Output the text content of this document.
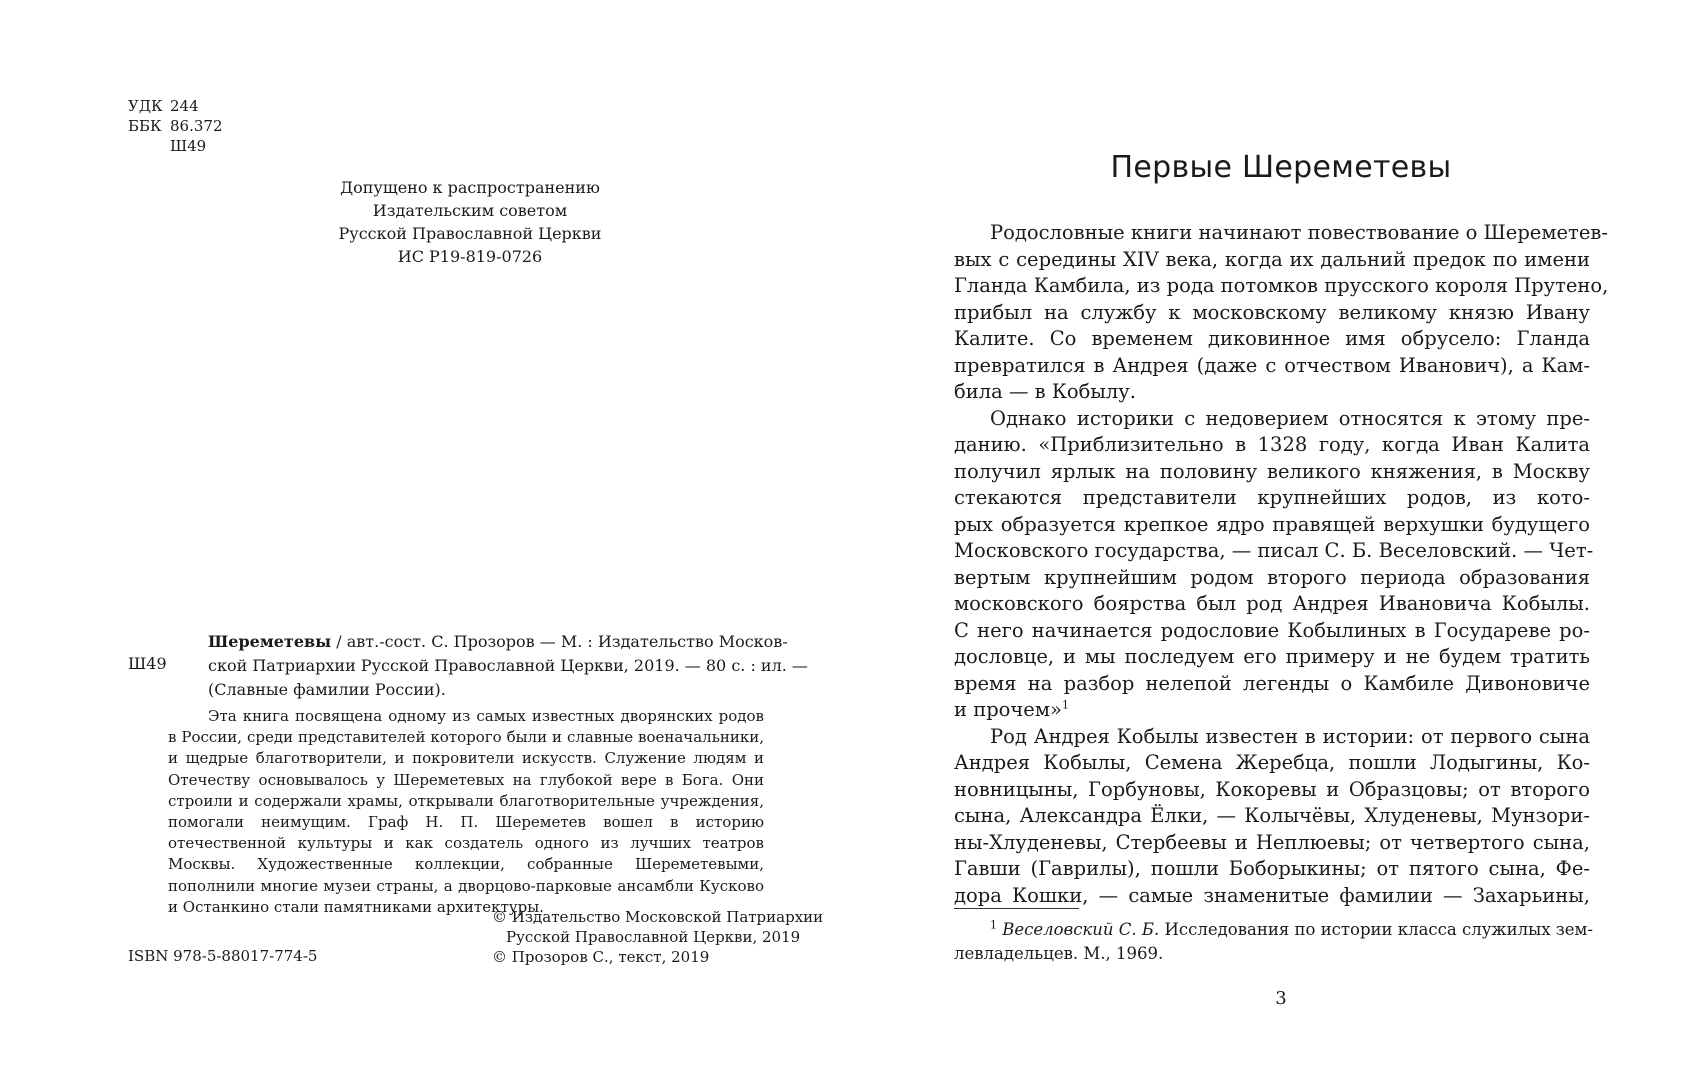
УДК 244
ББК 86.372
Ш49
Допущено к распространению
Издательским советом
Русской Православной Церкви
ИС Р19-819-0726
Ш49
Шереметевы / авт.-сост. С. Прозоров — М. : Издательство Москов-
ской Патриархии Русской Православной Церкви, 2019. — 80 с. : ил. —
(Славные фамилии России).

Эта книга посвящена одному из самых известных дворянских родов в России, среди представителей которого были и славные военачальники, и щедрые благотворители, и покровители искусств. Служение людям и Отечеству основывалось у Шереметевых на глубокой вере в Бога. Они строили и содержали храмы, открывали благотворительные учреждения, помогали неимущим. Граф Н. П. Шереметев вошел в историю отечественной культуры и как создатель одного из лучших театров Москвы. Художественные коллекции, собранные Шереметевыми, пополнили многие музеи страны, а дворцово-парковые ансамбли Кусково и Останкино стали памятниками архитектуры.

© Издательство Московской Патриархии
Русской Православной Церкви, 2019
© Прозоров С., текст, 2019
ISBN 978-5-88017-774-5
Первые Шереметевы
Родословные книги начинают повествование о Шереметев-
вых с середины XIV века, когда их дальний предок по имени
Гланда Камбила, из рода потомков прусского короля Прутено,
прибыл на службу к московскому великому князю Ивану
Калите. Со временем диковинное имя обрусело: Гланда
превратился в Андрея (даже с отчеством Иванович), а Кам-
била — в Кобылу.
Однако историки с недоверием относятся к этому пре-
данию. «Приблизительно в 1328 году, когда Иван Калита
получил ярлык на половину великого княжения, в Москву
стекаются представители крупнейших родов, из кото-
рых образуется крепкое ядро правящей верхушки будущего
Московского государства, — писал С. Б. Веселовский. — Чет-
вертым крупнейшим родом второго периода образования
московского боярства был род Андрея Ивановича Кобылы.
С него начинается родословие Кобылиных в Государеве ро-
дословце, и мы последуем его примеру и не будем тратить
время на разбор нелепой легенды о Камбиле Дивоновиче
и прочем»$^1$
Род Андрея Кобылы известен в истории: от первого сына
Андрея Кобылы, Семена Жеребца, пошли Лодыгины, Ко-
новницыны, Горбуновы, Кокоревы и Образцовы; от второго
сына, Александра Ёлки, — Колычёвы, Хлуденевы, Мунзори-
ны-Хлуденевы, Стербеевы и Неплюевы; от четвертого сына,
Гавши (Гаврилы), пошли Боборыкины; от пятого сына, Фе-
дора Кошки, — самые знаменитые фамилии — Захарьины,
$^1$ Веселовский С. Б. Исследования по истории класса служилых зем-
левладельцев. М., 1969.
3
